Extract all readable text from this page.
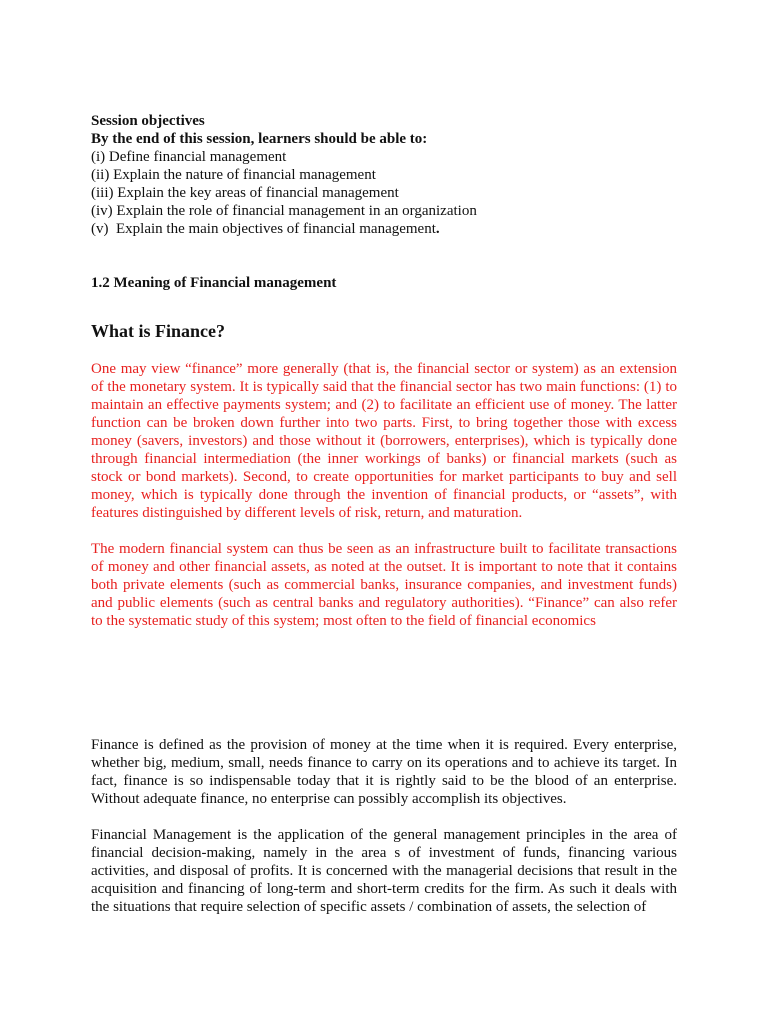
Session objectives
By the end of this session, learners should be able to:
(i) Define financial management
(ii) Explain the nature of financial management
(iii) Explain the key areas of financial management
(iv) Explain the role of financial management in an organization
(v)  Explain the main objectives of financial management.
1.2 Meaning of Financial management
What is Finance?

One may view “finance” more generally (that is, the financial sector or system) as an extension of the monetary system. It is typically said that the financial sector has two main functions: (1) to maintain an effective payments system; and (2) to facilitate an efficient use of money. The latter function can be broken down further into two parts. First, to bring together those with excess money (savers, investors) and those without it (borrowers, enterprises), which is typically done through financial intermediation (the inner workings of banks) or financial markets (such as stock or bond markets). Second, to create opportunities for market participants to buy and sell money, which is typically done through the invention of financial products, or “assets”, with features distinguished by different levels of risk, return, and maturation.

The modern financial system can thus be seen as an infrastructure built to facilitate transactions of money and other financial assets, as noted at the outset. It is important to note that it contains both private elements (such as commercial banks, insurance companies, and investment funds) and public elements (such as central banks and regulatory authorities). “Finance” can also refer to the systematic study of this system; most often to the field of financial economics

Finance is defined as the provision of money at the time when it is required. Every enterprise, whether big, medium, small, needs finance to carry on its operations and to achieve its target. In fact, finance is so indispensable today that it is rightly said to be the blood of an enterprise. Without adequate finance, no enterprise can possibly accomplish its objectives.

Financial Management is the application of the general management principles in the area of financial decision-making, namely in the area s of investment of funds, financing various activities, and disposal of profits. It is concerned with the managerial decisions that result in the acquisition and financing of long-term and short-term credits for the firm. As such it deals with the situations that require selection of specific assets / combination of assets, the selection of
